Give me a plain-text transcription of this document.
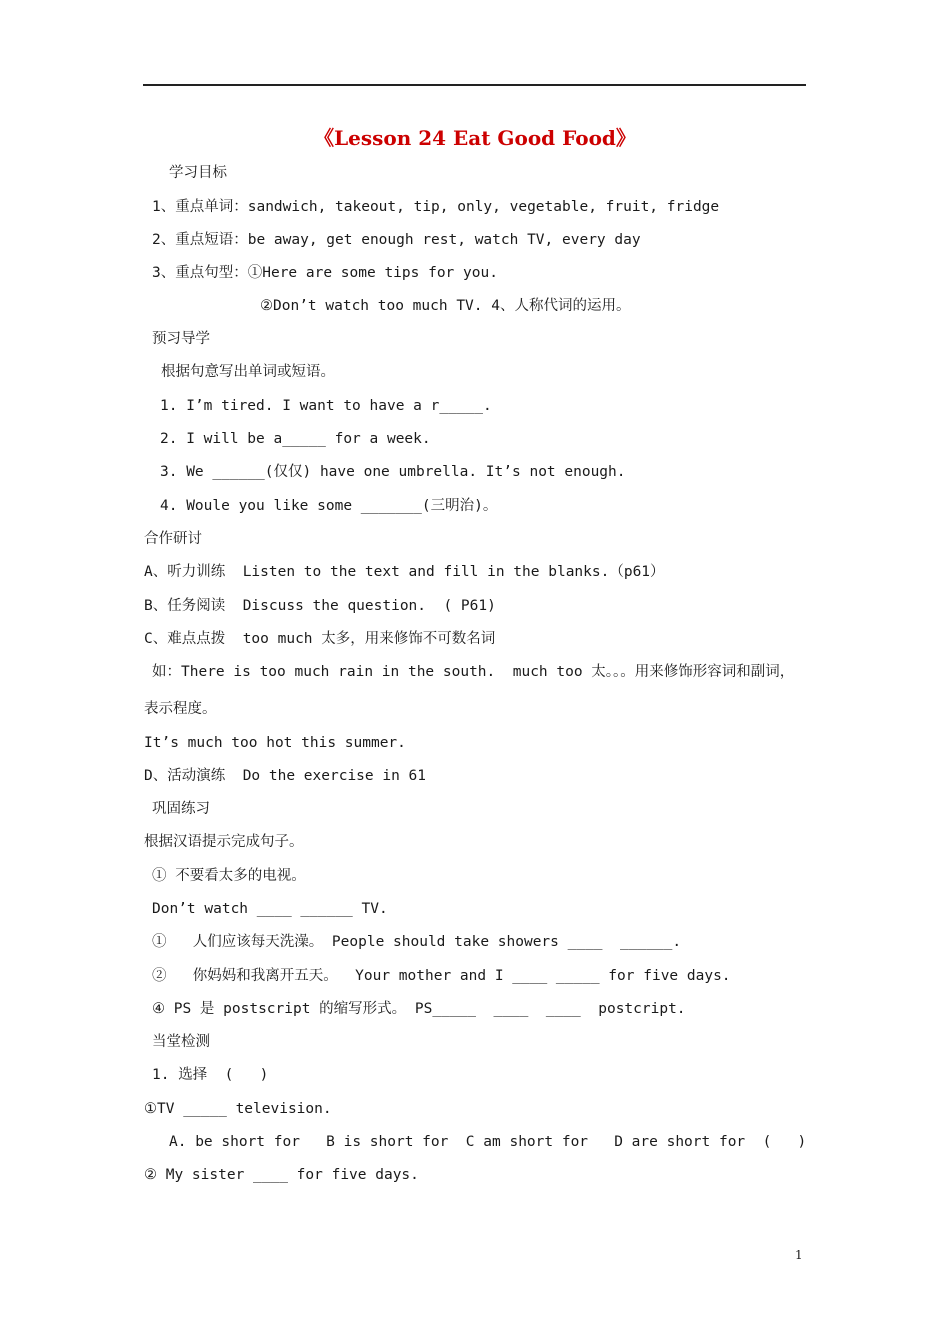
《Lesson 24 Eat Good Food》
学习目标
1、重点单词：sandwich, takeout, tip, only, vegetable, fruit, fridge
2、重点短语：be away, get enough rest, watch TV, every day
3、重点句型：①Here are some tips for you.
②Don’t watch too much TV. 4、人称代词的运用。
预习导学
根据句意写出单词或短语。
1. I’m tired. I want to have a r_____.
2. I will be a_____ for a week.
3. We ______(仅仅) have one umbrella. It’s not enough.
4. Woule you like some _______(三明治)。
合作研讨
A、听力训练  Listen to the text and fill in the blanks.（p61）
B、任务阅读  Discuss the question.  ( P61)
C、难点点拨  too much 太多，用来修饰不可数名词
如：There is too much rain in the south.  much too 太。。。用来修饰形容词和副词，
表示程度。
It’s much too hot this summer.
D、活动演练  Do the exercise in 61
巩固练习
根据汉语提示完成句子。
① 不要看太多的电视。
Don’t watch ____ ______ TV.
①   人们应该每天洗澡。 People should take showers ____  ______.
②   你妈妈和我离开五天。  Your mother and I ____ _____ for five days.
④ PS 是 postscript 的缩写形式。 PS_____  ____  ____  postcript.
当堂检测
1. 选择  (   )
①TV _____ television.
A. be short for   B is short for  C am short for   D are short for  (   )
② My sister ____ for five days.
1
